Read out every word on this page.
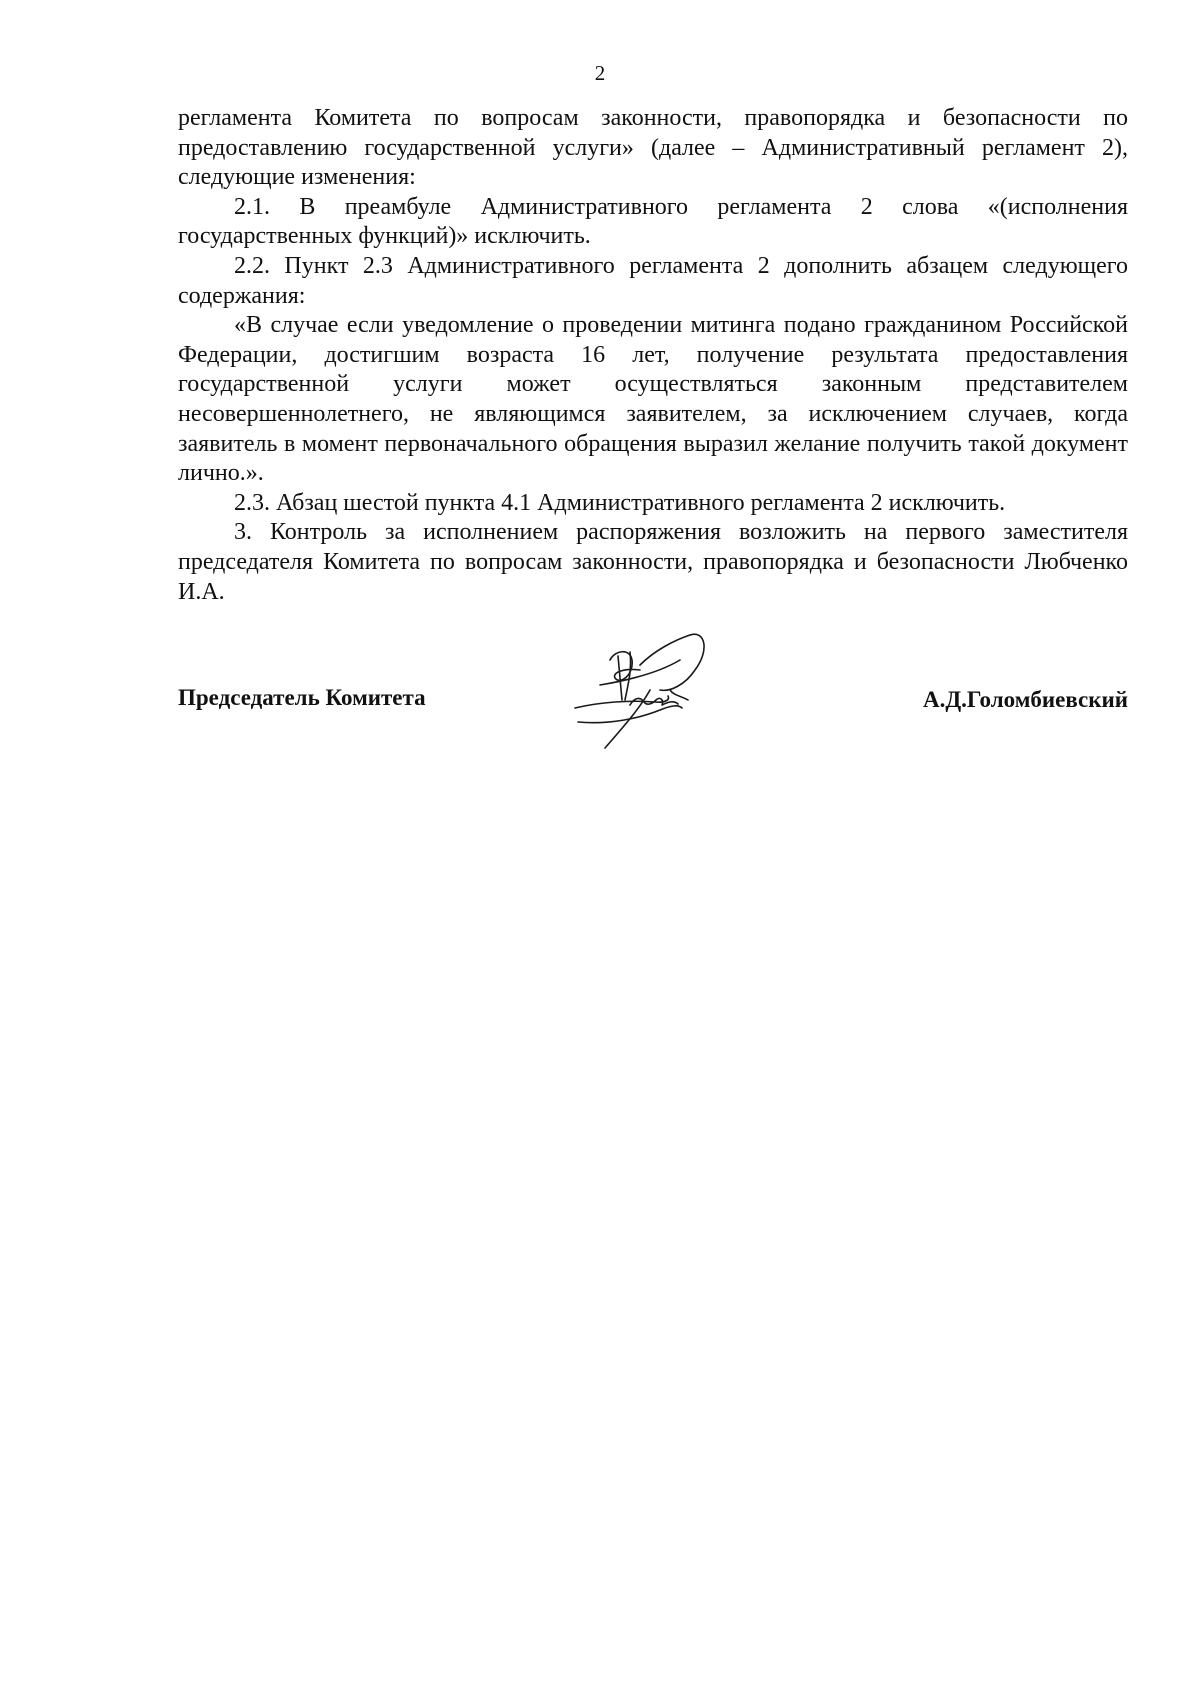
2

регламента Комитета по вопросам законности, правопорядка и безопасности по предоставлению государственной услуги» (далее – Административный регламент 2), следующие изменения:

2.1. В преамбуле Административного регламента 2 слова «(исполнения государственных функций)» исключить.

2.2. Пункт 2.3 Административного регламента 2 дополнить абзацем следующего содержания:

«В случае если уведомление о проведении митинга подано гражданином Российской Федерации, достигшим возраста 16 лет, получение результата предоставления государственной услуги может осуществляться законным представителем несовершеннолетнего, не являющимся заявителем, за исключением случаев, когда заявитель в момент первоначального обращения выразил желание получить такой документ лично.».

2.3. Абзац шестой пункта 4.1 Административного регламента 2 исключить.

3. Контроль за исполнением распоряжения возложить на первого заместителя председателя Комитета по вопросам законности, правопорядка и безопасности Любченко И.А.

Председатель Комитета	А.Д.Голомбиевский
